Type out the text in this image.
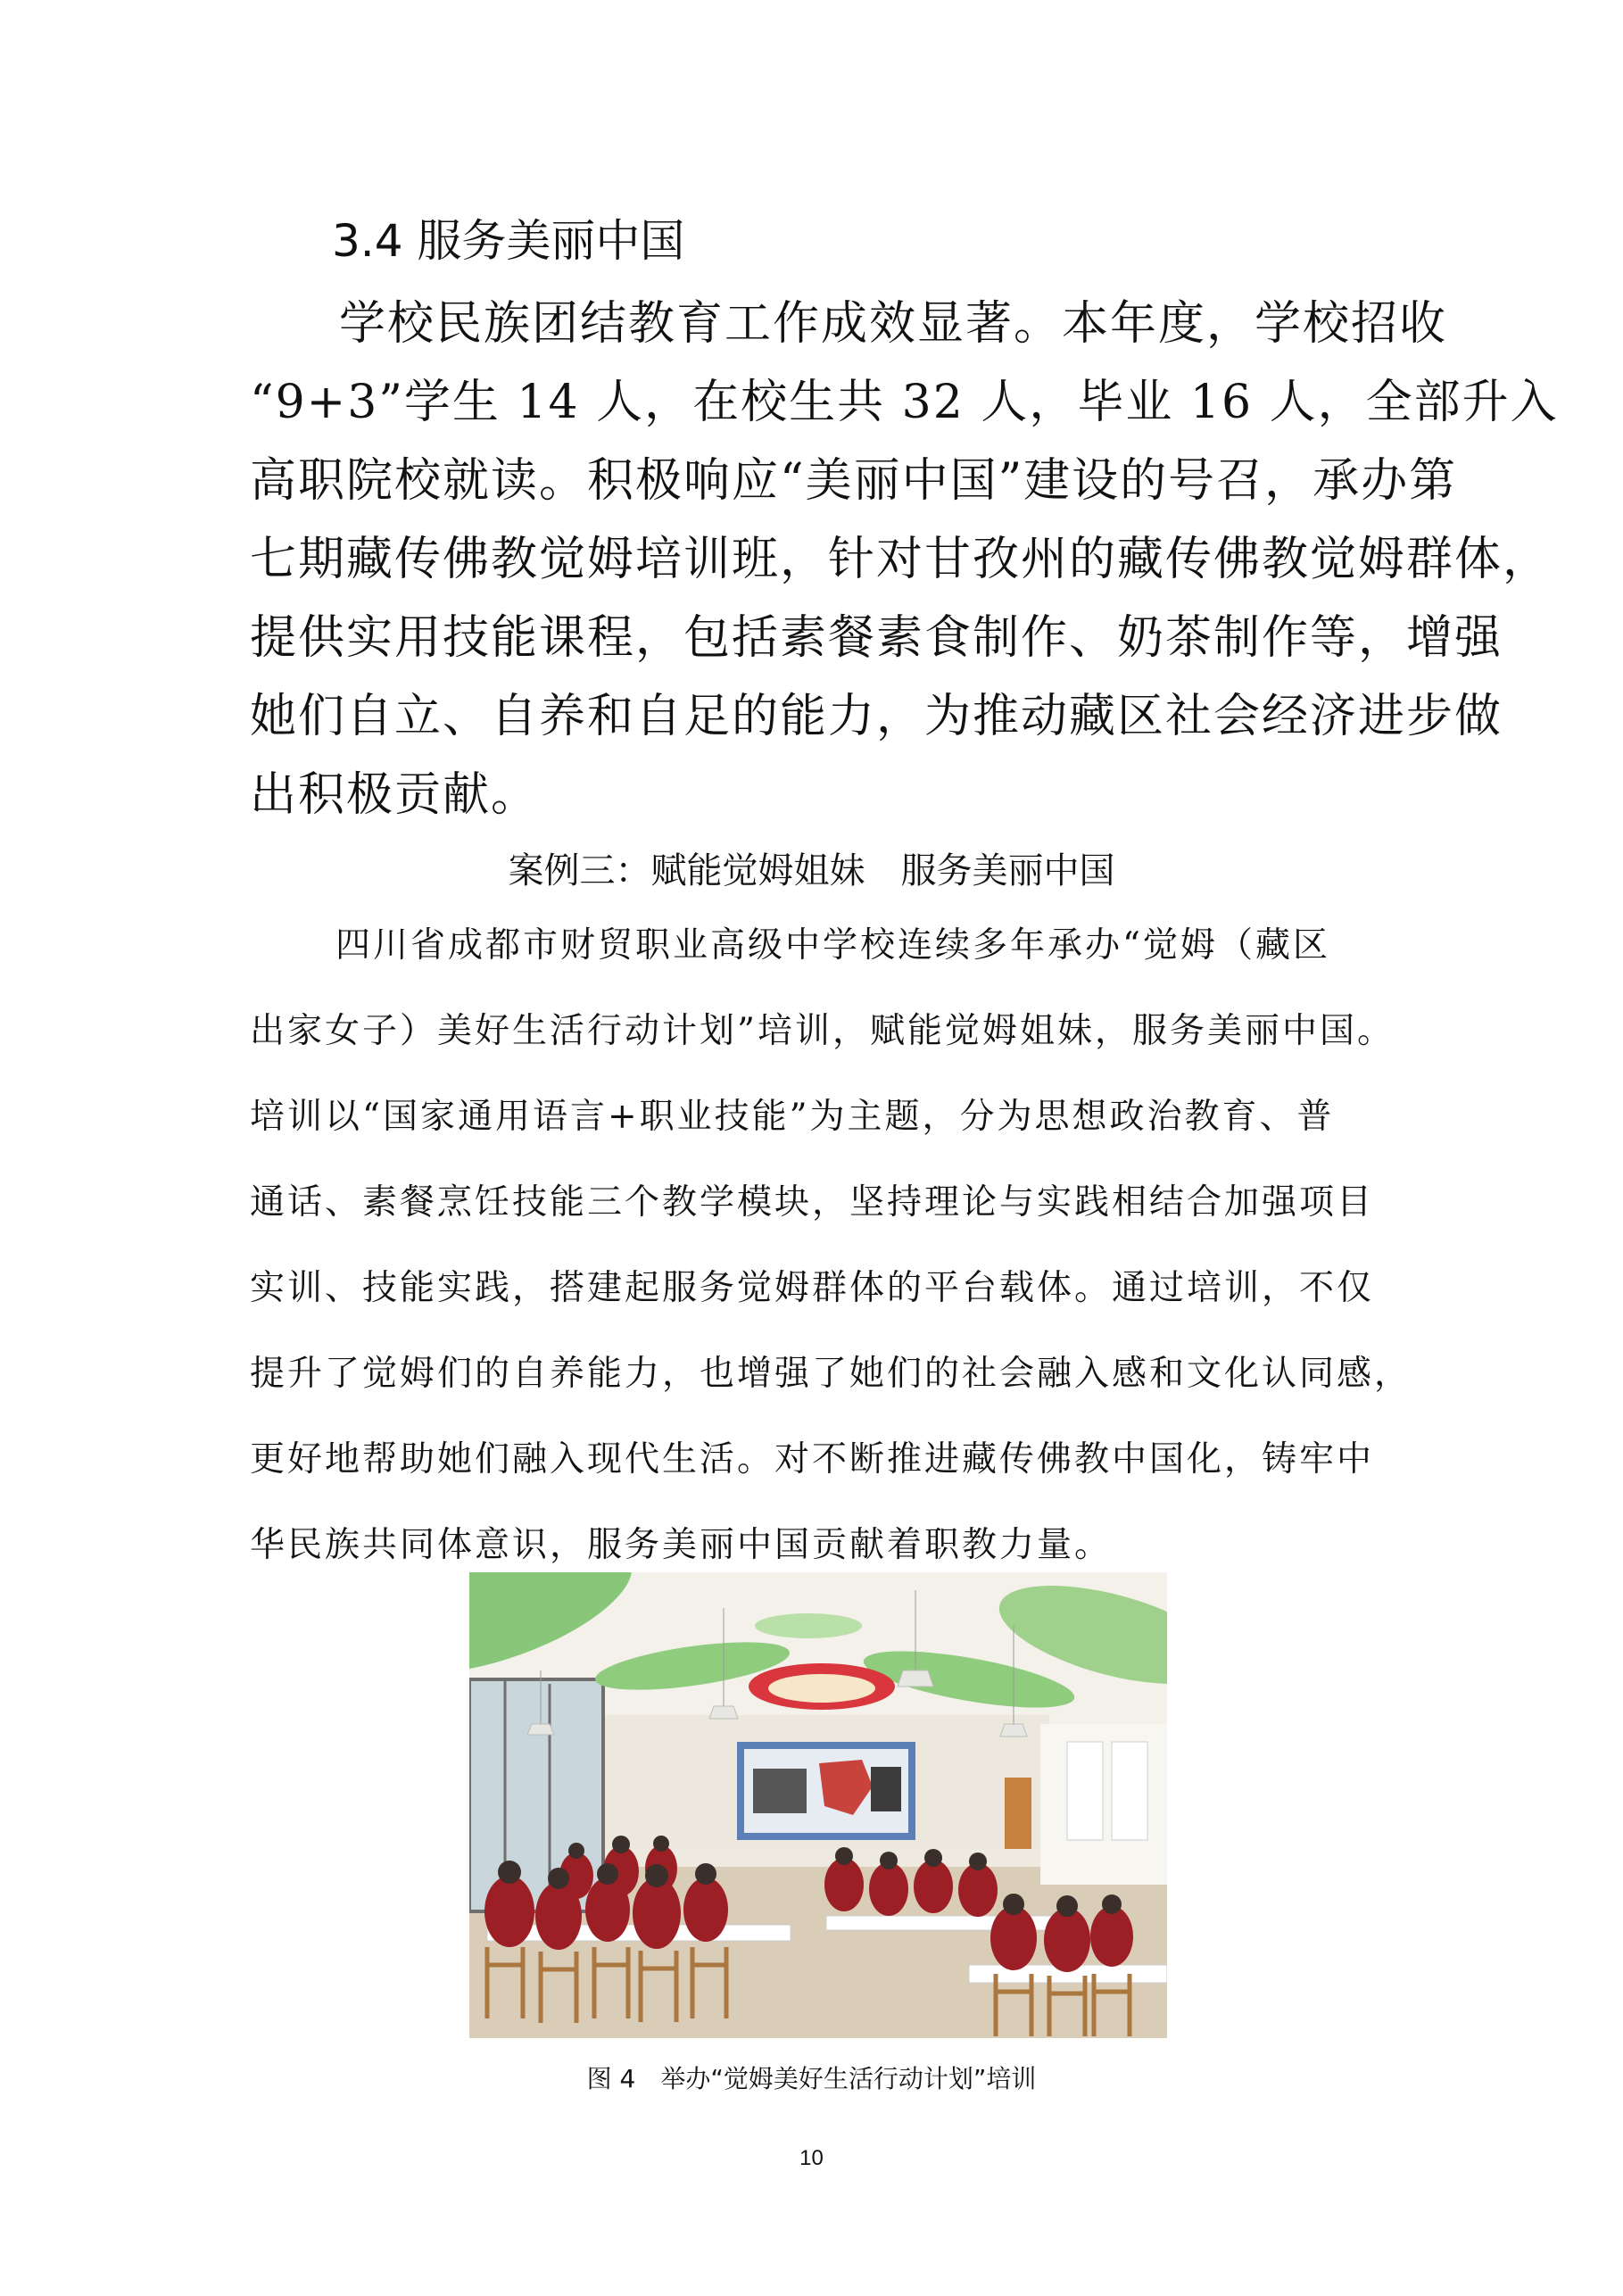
3.4 服务美丽中国
学校民族团结教育工作成效显著。本年度，学校招收
“9+3”学生 14 人，在校生共 32 人，毕业 16 人，全部升入
高职院校就读。积极响应“美丽中国”建设的号召，承办第
七期藏传佛教觉姆培训班，针对甘孜州的藏传佛教觉姆群体，
提供实用技能课程，包括素餐素食制作、奶茶制作等，增强
她们自立、自养和自足的能力，为推动藏区社会经济进步做
出积极贡献。
案例三：赋能觉姆姐妹　服务美丽中国
四川省成都市财贸职业高级中学校连续多年承办“觉姆（藏区
出家女子）美好生活行动计划”培训，赋能觉姆姐妹，服务美丽中国。
培训以“国家通用语言+职业技能”为主题，分为思想政治教育、普
通话、素餐烹饪技能三个教学模块，坚持理论与实践相结合加强项目
实训、技能实践，搭建起服务觉姆群体的平台载体。通过培训，不仅
提升了觉姆们的自养能力，也增强了她们的社会融入感和文化认同感，
更好地帮助她们融入现代生活。对不断推进藏传佛教中国化，铸牢中
华民族共同体意识，服务美丽中国贡献着职教力量。
图 4　举办“觉姆美好生活行动计划”培训
10
